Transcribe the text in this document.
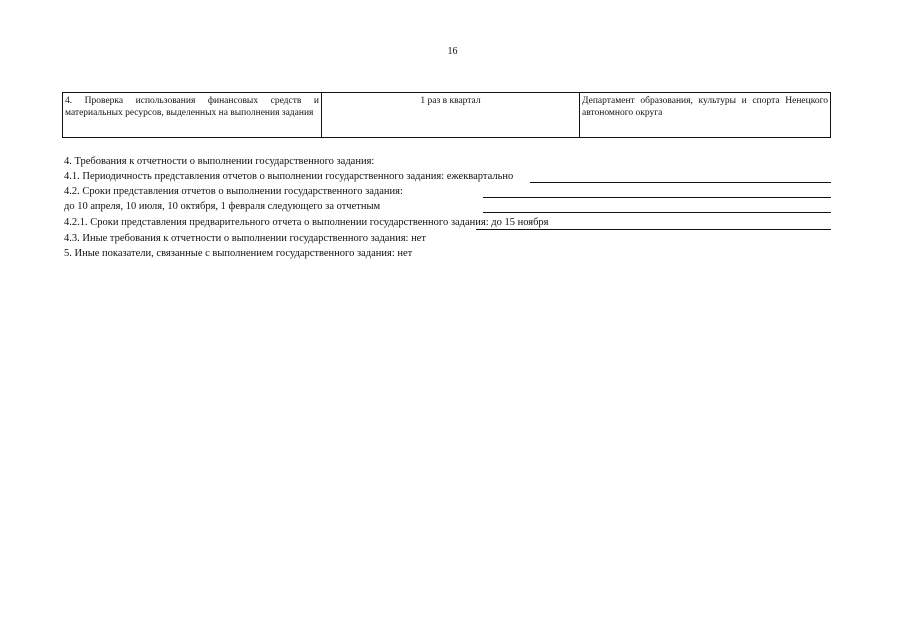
16
4. Проверка использования финансовых средств и материальных ресурсов, выделенных на выполнения задания
1 раз в квартал	Департамент образования, культуры и спорта Ненецкого автономного округа
4. Требования к отчетности о выполнении государственного задания:
4.1. Периодичность представления отчетов о выполнении государственного задания: ежеквартально
4.2. Сроки представления отчетов о выполнении государственного задания:
до 10 апреля, 10 июля, 10 октября, 1 февраля следующего за отчетным
4.2.1. Сроки представления предварительного отчета о выполнении государственного задания: до 15 ноября
4.3. Иные требования к отчетности о выполнении государственного задания: нет
5. Иные показатели, связанные с выполнением государственного задания: нет
